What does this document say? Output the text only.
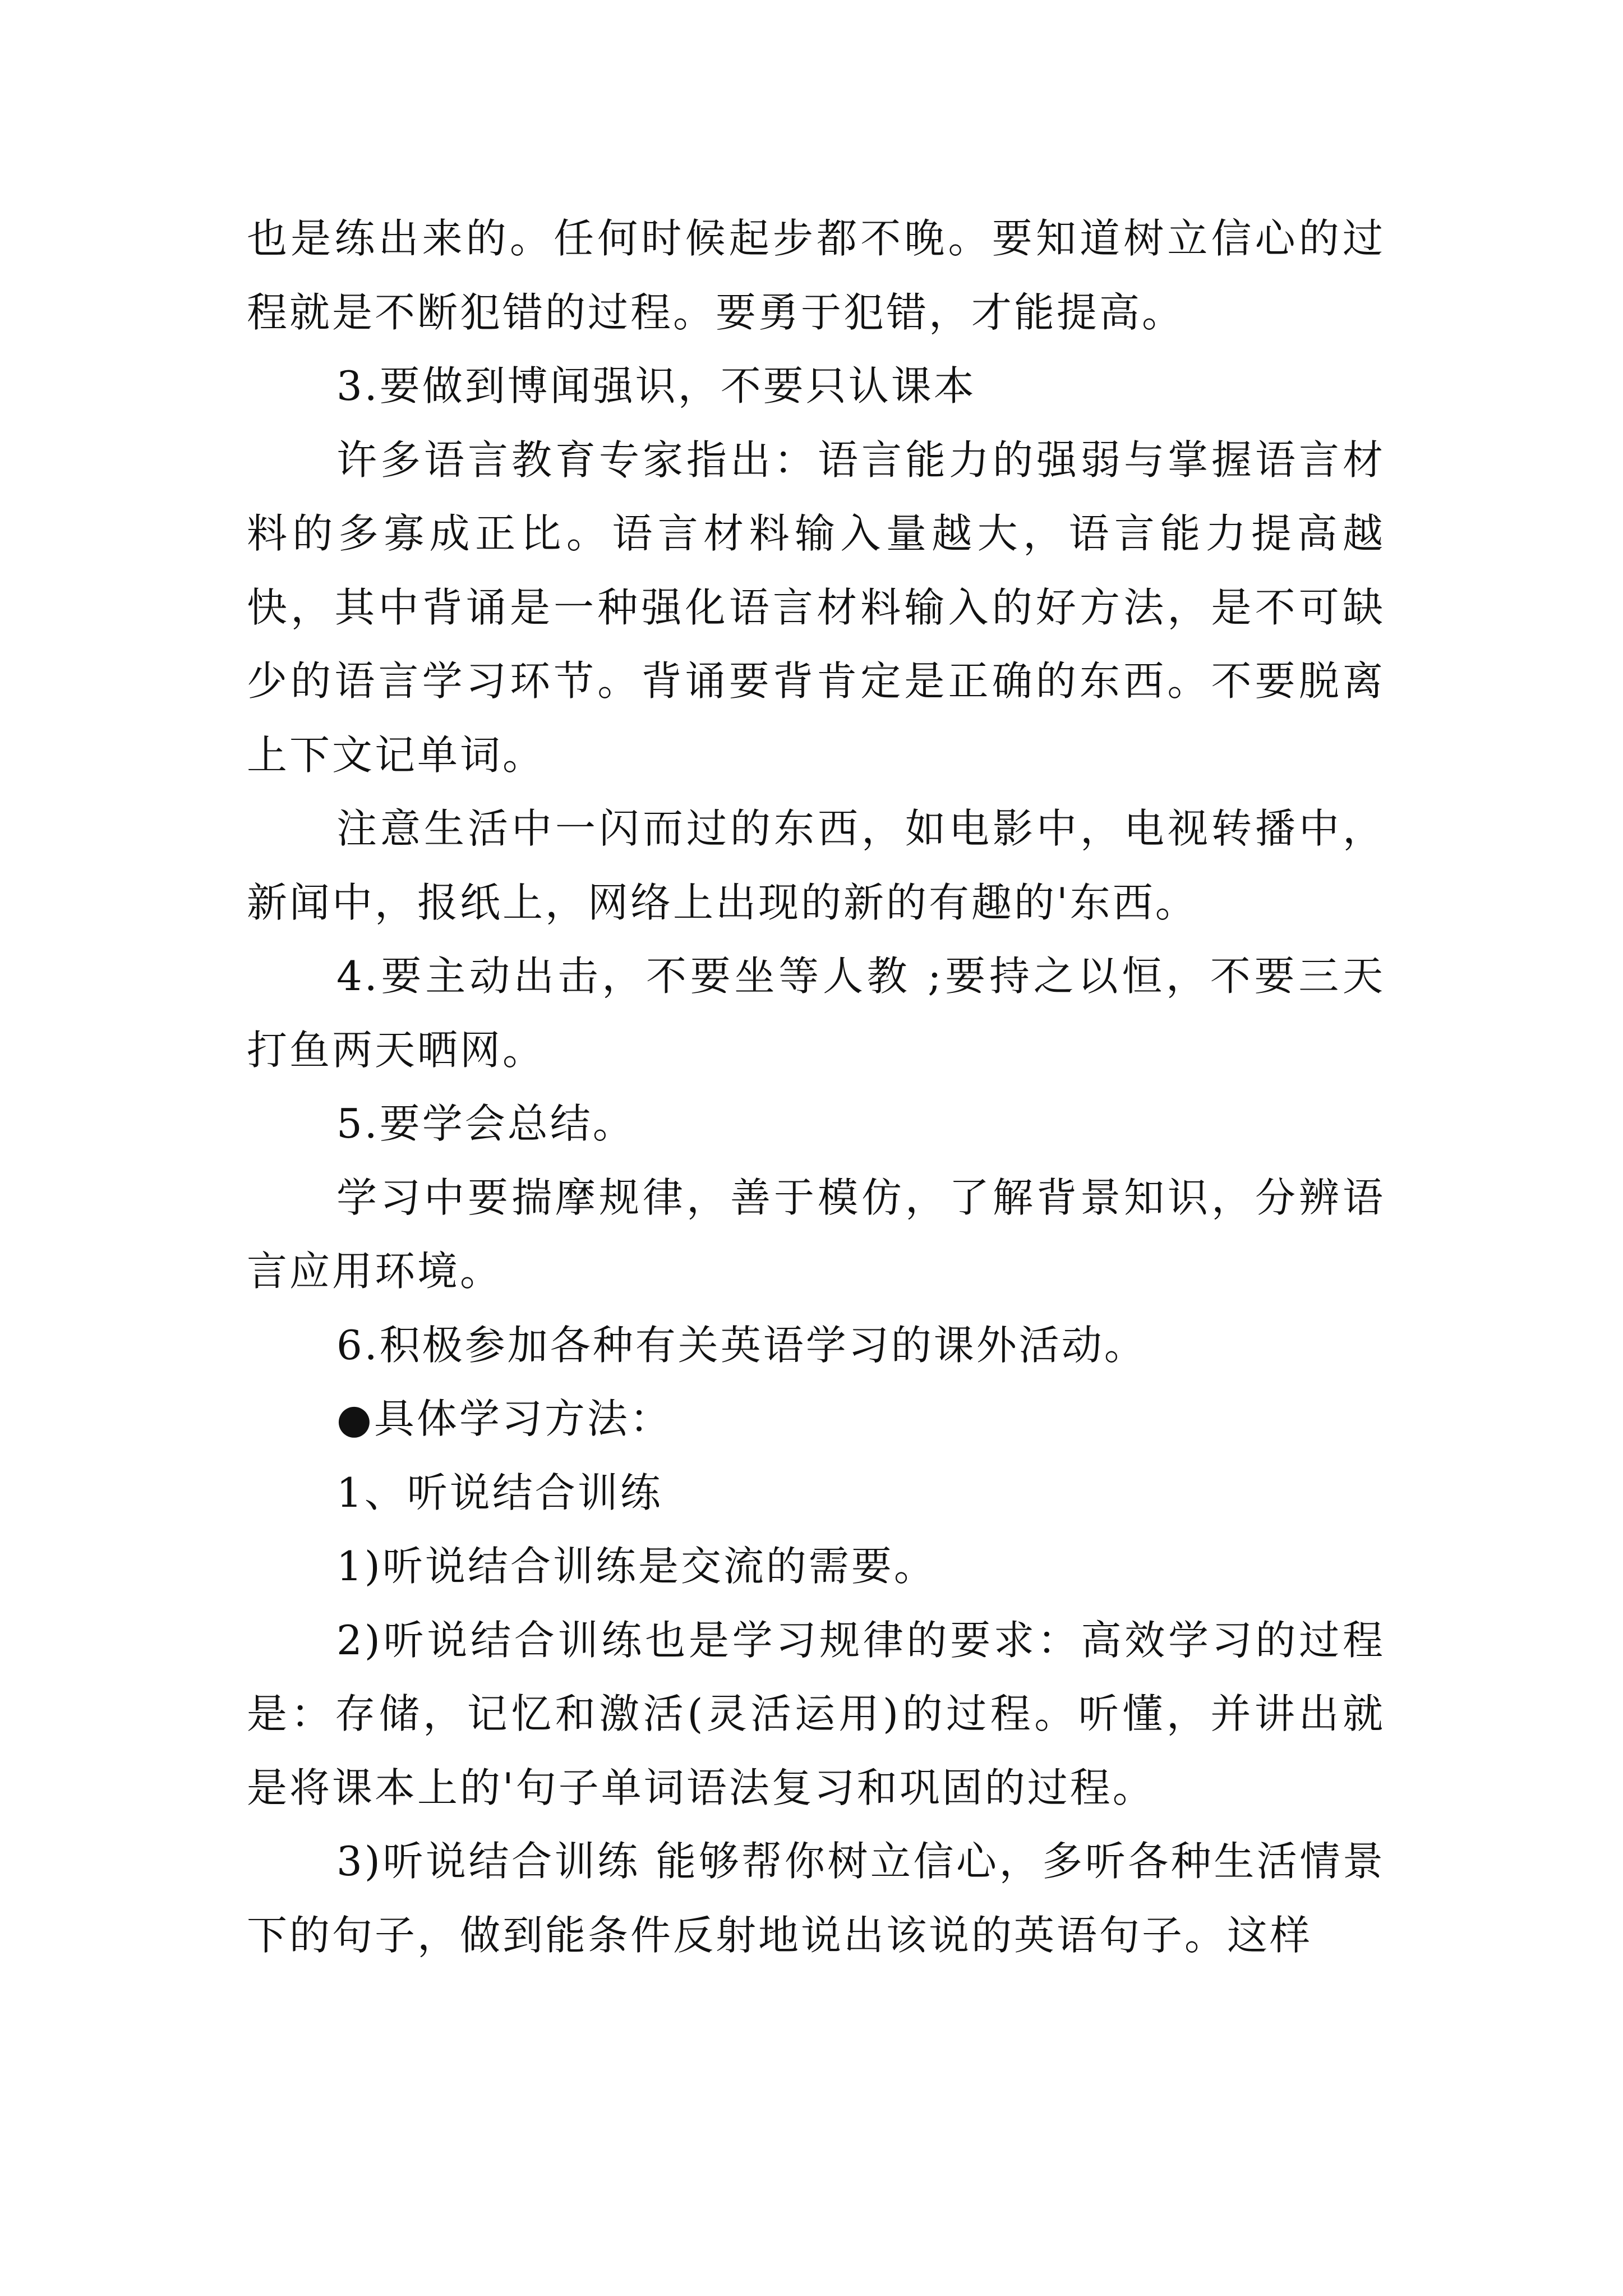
也是练出来的。任何时候起步都不晚。要知道树立信心的过程就是不断犯错的过程。要勇于犯错，才能提高。

3.要做到博闻强识，不要只认课本

许多语言教育专家指出：语言能力的强弱与掌握语言材料的多寡成正比。语言材料输入量越大，语言能力提高越快，其中背诵是一种强化语言材料输入的好方法，是不可缺少的语言学习环节。背诵要背肯定是正确的东西。不要脱离上下文记单词。

注意生活中一闪而过的东西，如电影中，电视转播中，新闻中，报纸上，网络上出现的新的有趣的'东西。

4.要主动出击，不要坐等人教 ;要持之以恒，不要三天打鱼两天晒网。

5.要学会总结。

学习中要揣摩规律，善于模仿，了解背景知识，分辨语言应用环境。

6.积极参加各种有关英语学习的课外活动。

●具体学习方法：

1、听说结合训练

1)听说结合训练是交流的需要。

2)听说结合训练也是学习规律的要求：高效学习的过程是：存储，记忆和激活(灵活运用)的过程。听懂，并讲出就是将课本上的'句子单词语法复习和巩固的过程。

3)听说结合训练 能够帮你树立信心，多听各种生活情景下的句子，做到能条件反射地说出该说的英语句子。这样
